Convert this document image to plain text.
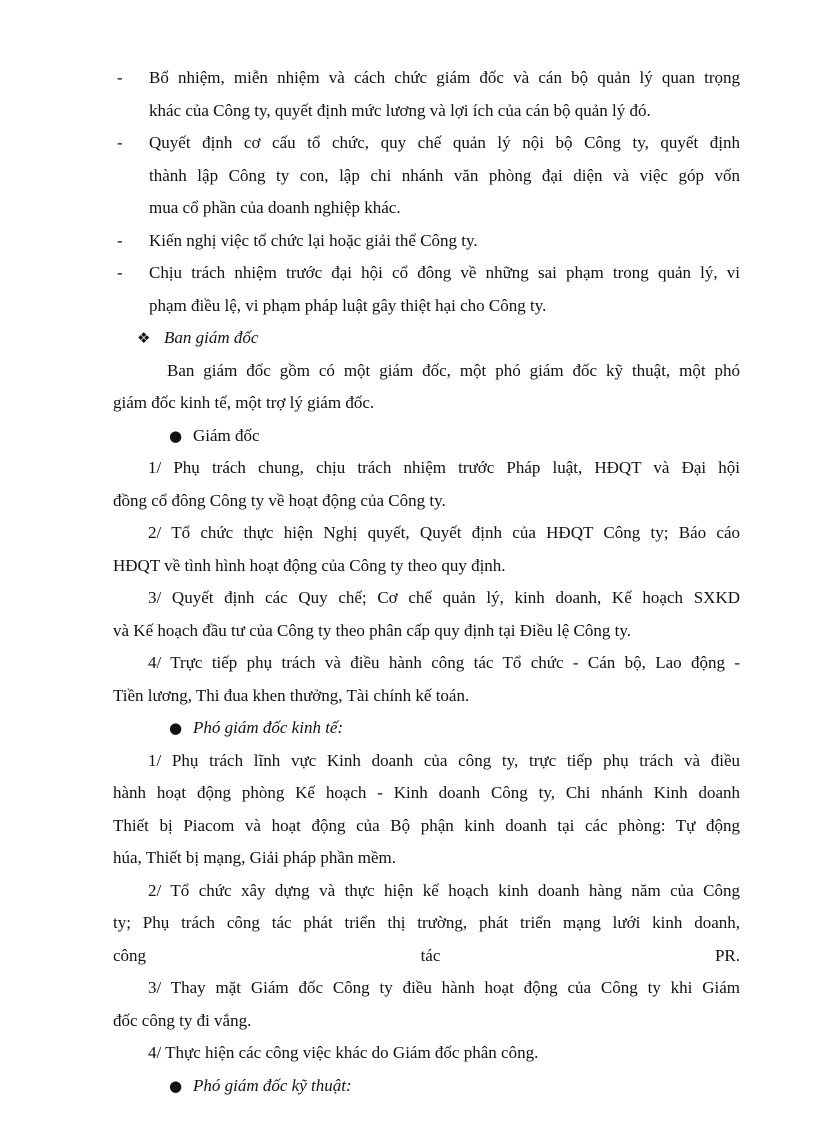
- Bổ nhiệm, miễn nhiệm và cách chức giám đốc và cán bộ quản lý quan trọng
khác của Công ty, quyết định mức lương và lợi ích của cán bộ quản lý đó.
- Quyết định cơ cấu tổ chức, quy chế quản lý nội bộ Công ty, quyết định
thành lập Công ty con, lập chi nhánh văn phòng đại diện và việc góp vốn
mua cổ phần của doanh nghiệp khác.
- Kiến nghị việc tổ chức lại hoặc giải thể Công ty.
- Chịu trách nhiệm trước đại hội cổ đông về những sai phạm trong quản lý, vi
phạm điều lệ, vi phạm pháp luật gây thiệt hại cho Công ty.
❖ Ban giám đốc
Ban giám đốc gồm có một giám đốc, một phó giám đốc kỹ thuật, một phó
giám đốc kinh tế, một trợ lý giám đốc.
● Giám đốc
1/ Phụ trách chung, chịu trách nhiệm trước Pháp luật, HĐQT và Đại hội
đồng cổ đông Công ty về hoạt động của Công ty.
2/ Tổ chức thực hiện Nghị quyết, Quyết định của HĐQT Công ty; Báo cáo
HĐQT về tình hình hoạt động của Công ty theo quy định.
3/ Quyết định các Quy chế; Cơ chế quản lý, kinh doanh, Kế hoạch SXKD
và Kế hoạch đầu tư của Công ty theo phân cấp quy định tại Điều lệ Công ty.
4/ Trực tiếp phụ trách và điều hành công tác Tổ chức - Cán bộ, Lao động -
Tiền lương, Thi đua khen thưởng, Tài chính kế toán.
● Phó giám đốc kinh tế:
1/ Phụ trách lĩnh vực Kinh doanh của công ty, trực tiếp phụ trách và điều
hành hoạt động phòng Kế hoạch - Kinh doanh Công ty, Chi nhánh Kinh doanh
Thiết bị Piacom và hoạt động của Bộ phận kinh doanh tại các phòng: Tự động
húa, Thiết bị mạng, Giải pháp phần mềm.
2/ Tổ chức xây dựng và thực hiện kế hoạch kinh doanh hàng năm của Công
ty; Phụ trách công tác phát triển thị trường, phát triển mạng lưới kinh doanh,
công	tác	PR.
3/ Thay mặt Giám đốc Công ty điều hành hoạt động của Công ty khi Giám
đốc công ty đi vắng.
4/ Thực hiện các công việc khác do Giám đốc phân công.
● Phó giám đốc kỹ thuật:
